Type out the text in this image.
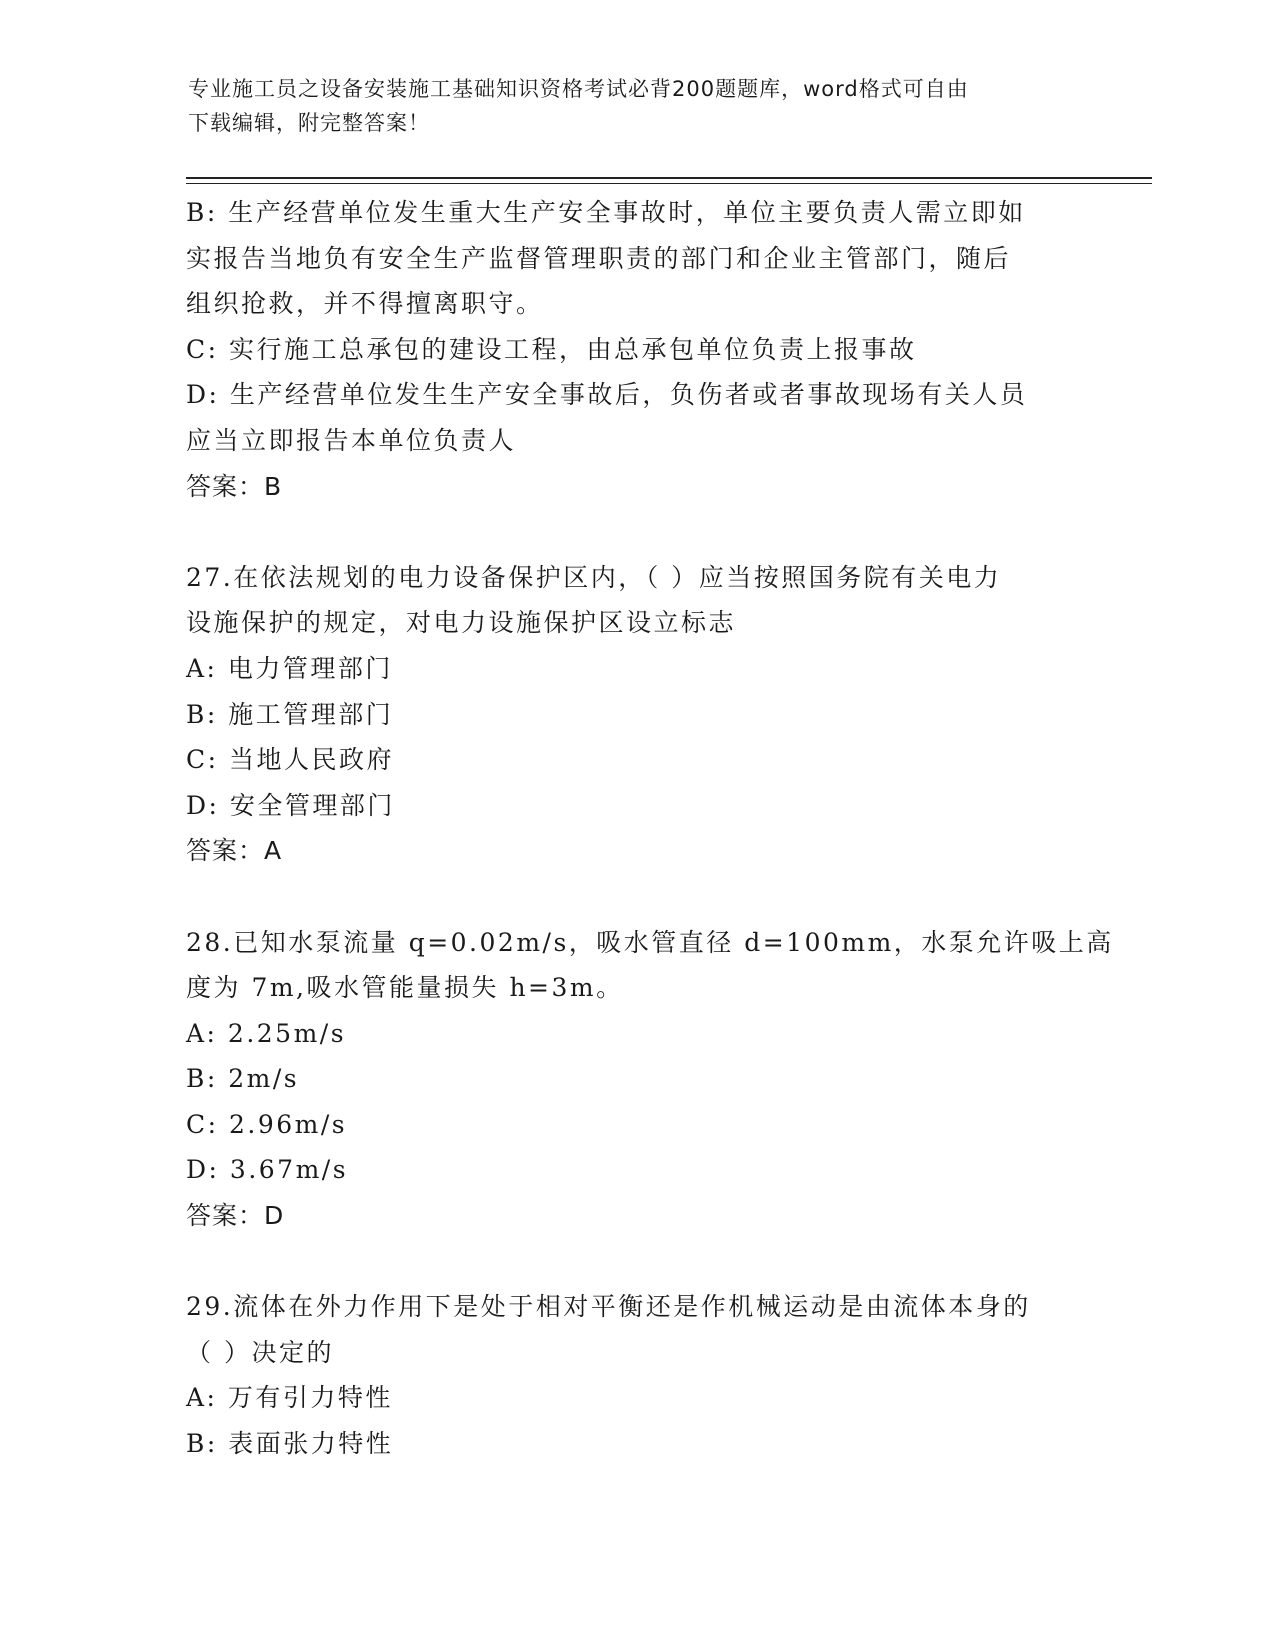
专业施工员之设备安装施工基础知识资格考试必背200题题库，word格式可自由
下载编辑，附完整答案！
B: 生产经营单位发生重大生产安全事故时，单位主要负责人需立即如
实报告当地负有安全生产监督管理职责的部门和企业主管部门，随后
组织抢救，并不得擅离职守。
C: 实行施工总承包的建设工程，由总承包单位负责上报事故
D: 生产经营单位发生生产安全事故后，负伤者或者事故现场有关人员
应当立即报告本单位负责人
答案：B
27.在依法规划的电力设备保护区内，（ ）应当按照国务院有关电力
设施保护的规定，对电力设施保护区设立标志
A: 电力管理部门
B: 施工管理部门
C: 当地人民政府
D: 安全管理部门
答案：A
28.已知水泵流量 q=0.02m/s，吸水管直径 d=100mm，水泵允许吸上高
度为 7m,吸水管能量损失 h=3m。
A: 2.25m/s
B: 2m/s
C: 2.96m/s
D: 3.67m/s
答案：D
29.流体在外力作用下是处于相对平衡还是作机械运动是由流体本身的
（ ）决定的
A: 万有引力特性
B: 表面张力特性
